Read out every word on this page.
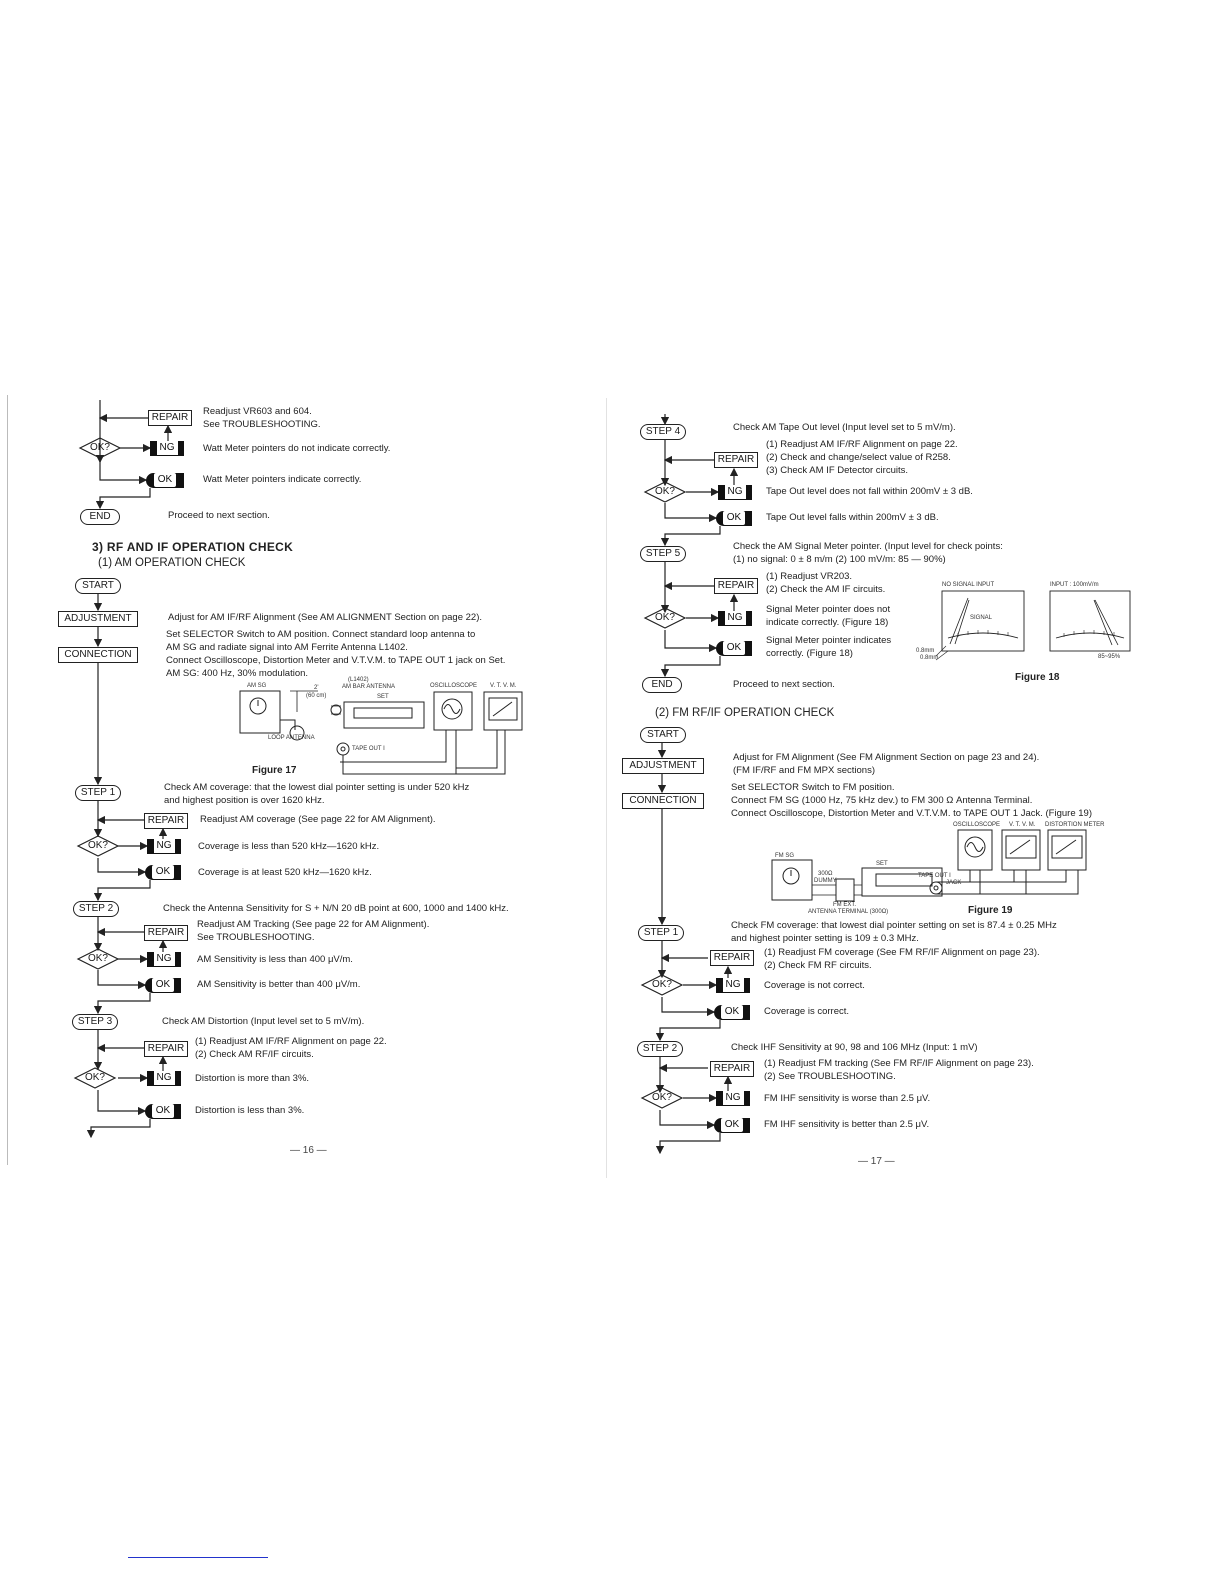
OK?
OK?
OK?
OK?
OK?
OK?
OK?
OK?
REPAIR
Readjust VR603 and 604.
See TROUBLESHOOTING.
NG	Watt Meter pointers do not indicate correctly.
OK	Watt Meter pointers indicate correctly.
END	Proceed to next section.
3) RF AND IF OPERATION CHECK
(1) AM OPERATION CHECK
START
ADJUSTMENT	Adjust for AM IF/RF Alignment (See AM ALIGNMENT Section on page 22).
CONNECTION
Set SELECTOR Switch to AM position. Connect standard loop antenna to
AM SG and radiate signal into AM Ferrite Antenna L1402.
Connect Oscilloscope, Distortion Meter and V.T.V.M. to TAPE OUT 1 jack on Set.
AM SG: 400 Hz, 30% modulation.
AM SG
(L1402)
AM BAR ANTENNA
2'
(60 cm)	SET
OSCILLOSCOPE V. T. V. M.
LOOP ANTENNA
TAPE OUT I
Figure 17
STEP 1	Check AM coverage: that the lowest dial pointer setting is under 520 kHz
and highest position is over 1620 kHz.
REPAIR	Readjust AM coverage (See page 22 for AM Alignment).
NG	Coverage is less than 520 kHz—1620 kHz.
OK	Coverage is at least 520 kHz—1620 kHz.
STEP 2	Check the Antenna Sensitivity for S + N/N 20 dB point at 600, 1000 and 1400 kHz.
REPAIR
Readjust AM Tracking (See page 22 for AM Alignment).
See TROUBLESHOOTING.
NG	AM Sensitivity is less than 400 μV/m.
OK	AM Sensitivity is better than 400 μV/m.
STEP 3	Check AM Distortion (Input level set to 5 mV/m).
REPAIR
(1) Readjust AM IF/RF Alignment on page 22.
(2) Check AM RF/IF circuits.
NG	Distortion is more than 3%.
OK	Distortion is less than 3%.
— 16 —
STEP 4	Check AM Tape Out level (Input level set to 5 mV/m).
REPAIR
(1) Readjust AM IF/RF Alignment on page 22.
(2) Check and change/select value of R258.
(3) Check AM IF Detector circuits.
NG	Tape Out level does not fall within 200mV ± 3 dB.
OK	Tape Out level falls within 200mV ± 3 dB.
STEP 5
Check the AM Signal Meter pointer. (Input level for check points:
(1) no signal: 0 ± 8 m/m (2) 100 mV/m: 85 — 90%)
REPAIR
(1) Readjust VR203.
(2) Check the AM IF circuits.
NG
Signal Meter pointer does not
indicate correctly. (Figure 18)
OK
Signal Meter pointer indicates
correctly. (Figure 18)
NO SIGNAL INPUT	INPUT : 100mV/m
SIGNAL
0.8mm
0.8mm	85~95%
Figure 18
END	Proceed to next section.
(2) FM RF/IF OPERATION CHECK
START
ADJUSTMENT
Adjust for FM Alignment (See FM Alignment Section on page 23 and 24).
(FM IF/RF and FM MPX sections)
CONNECTION
Set SELECTOR Switch to FM position.
Connect FM SG (1000 Hz, 75 kHz dev.) to FM 300 Ω Antenna Terminal.
Connect Oscilloscope, Distortion Meter and V.T.V.M. to TAPE OUT 1 Jack. (Figure 19)
OSCILLOSCOPE V. T. V. M. DISTORTION METER
FM SG
300Ω
DUMMY
SET
TAPE OUT I
JACK
FM EXT.
ANTENNA TERMINAL (300Ω)	Figure 19
STEP 1
Check FM coverage: that lowest dial pointer setting on set is 87.4 ± 0.25 MHz
and highest pointer setting is 109 ± 0.3 MHz.
REPAIR	(1) Readjust FM coverage (See FM RF/IF Alignment on page 23).
(2) Check FM RF circuits.
NG	Coverage is not correct.
OK	Coverage is correct.
STEP 2	Check IHF Sensitivity at 90, 98 and 106 MHz (Input: 1 mV)
REPAIR	(1) Readjust FM tracking (See FM RF/IF Alignment on page 23).
(2) See TROUBLESHOOTING.
NG	FM IHF sensitivity is worse than 2.5 μV.
OK	FM IHF sensitivity is better than 2.5 μV.
— 17 —
